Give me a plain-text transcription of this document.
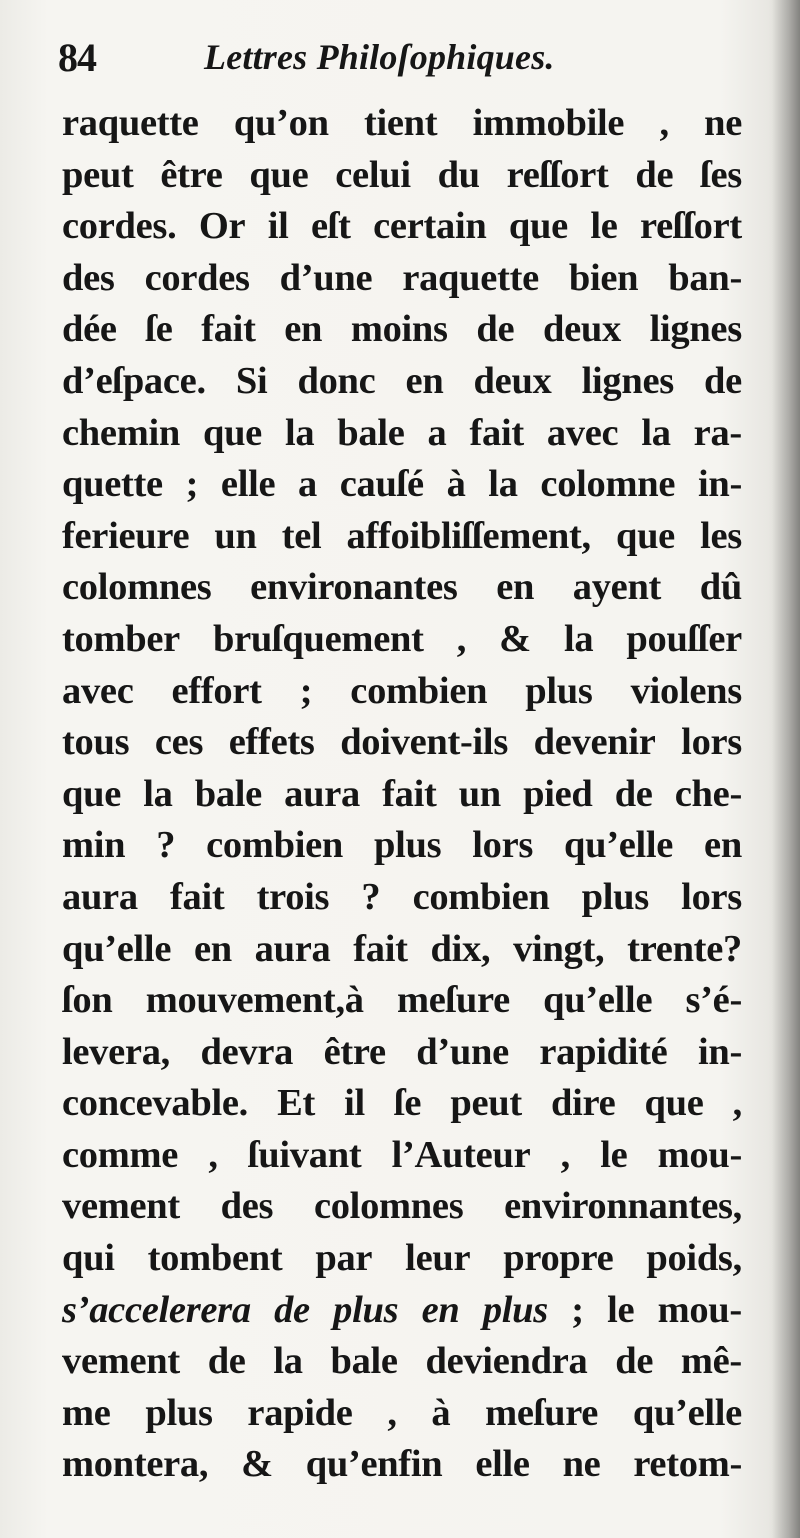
84	Lettres Philoſophiques.
raquette qu’on tient immobile , ne
peut être que celui du reſſort de ſes
cordes. Or il eſt certain que le reſſort
des cordes d’une raquette bien ban-
dée ſe fait en moins de deux lignes
d’eſpace. Si donc en deux lignes de
chemin que la bale a fait avec la ra-
quette ; elle a cauſé à la colomne in-
ferieure un tel affoibliſſement, que les
colomnes environantes en ayent dû
tomber bruſquement , & la pouſſer
avec effort ; combien plus violens
tous ces effets doivent-ils devenir lors
que la bale aura fait un pied de che-
min ? combien plus lors qu’elle en
aura fait trois ? combien plus lors
qu’elle en aura fait dix, vingt, trente?
ſon mouvement,à meſure qu’elle s’é-
levera, devra être d’une rapidité in-
concevable. Et il ſe peut dire que ,
comme , ſuivant l’Auteur , le mou-
vement des colomnes environnantes,
qui tombent par leur propre poids,
s’accelerera de plus en plus ; le mou-
vement de la bale deviendra de mê-
me plus rapide , à meſure qu’elle
montera, & qu’enfin elle ne retom-
